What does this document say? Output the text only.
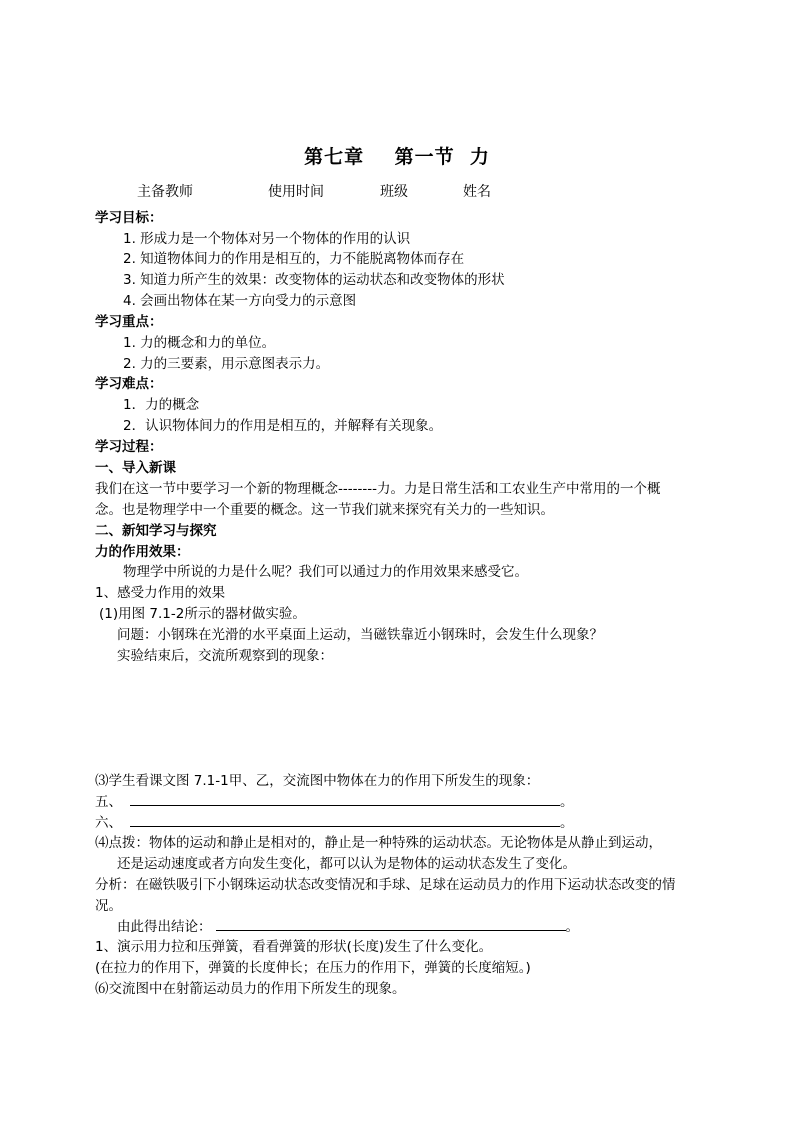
第七章    第一节  力
主备教师	使用时间	班级	姓名
学习目标：
1. 形成力是一个物体对另一个物体的作用的认识
2. 知道物体间力的作用是相互的，力不能脱离物体而存在
3. 知道力所产生的效果：改变物体的运动状态和改变物体的形状
4. 会画出物体在某一方向受力的示意图
学习重点：
1. 力的概念和力的单位。
2. 力的三要素，用示意图表示力。
学习难点：
1．力的概念
2．认识物体间力的作用是相互的，并解释有关现象。
学习过程：
一、导入新课
我们在这一节中要学习一个新的物理概念--------力。力是日常生活和工农业生产中常用的一个概
念。也是物理学中一个重要的概念。这一节我们就来探究有关力的一些知识。
二、新知学习与探究
力的作用效果：
物理学中所说的力是什么呢？我们可以通过力的作用效果来感受它。
1、感受力作用的效果
(1)用图 7.1-2所示的器材做实验。
问题：小钢珠在光滑的水平桌面上运动，当磁铁靠近小钢珠时，会发生什么现象？
实验结束后，交流所观察到的现象：
⑶学生看课文图 7.1-1甲、乙，交流图中物体在力的作用下所发生的现象：
五、	。
六、	。
⑷点拨：物体的运动和静止是相对的，静止是一种特殊的运动状态。无论物体是从静止到运动，
还是运动速度或者方向发生变化，都可以认为是物体的运动状态发生了变化。
分析：在磁铁吸引下小钢珠运动状态改变情况和手球、足球在运动员力的作用下运动状态改变的情
况。
由此得出结论：	。
1、演示用力拉和压弹簧，看看弹簧的形状(长度)发生了什么变化。
(在拉力的作用下，弹簧的长度伸长；在压力的作用下，弹簧的长度缩短。)
⑹交流图中在射箭运动员力的作用下所发生的现象。
